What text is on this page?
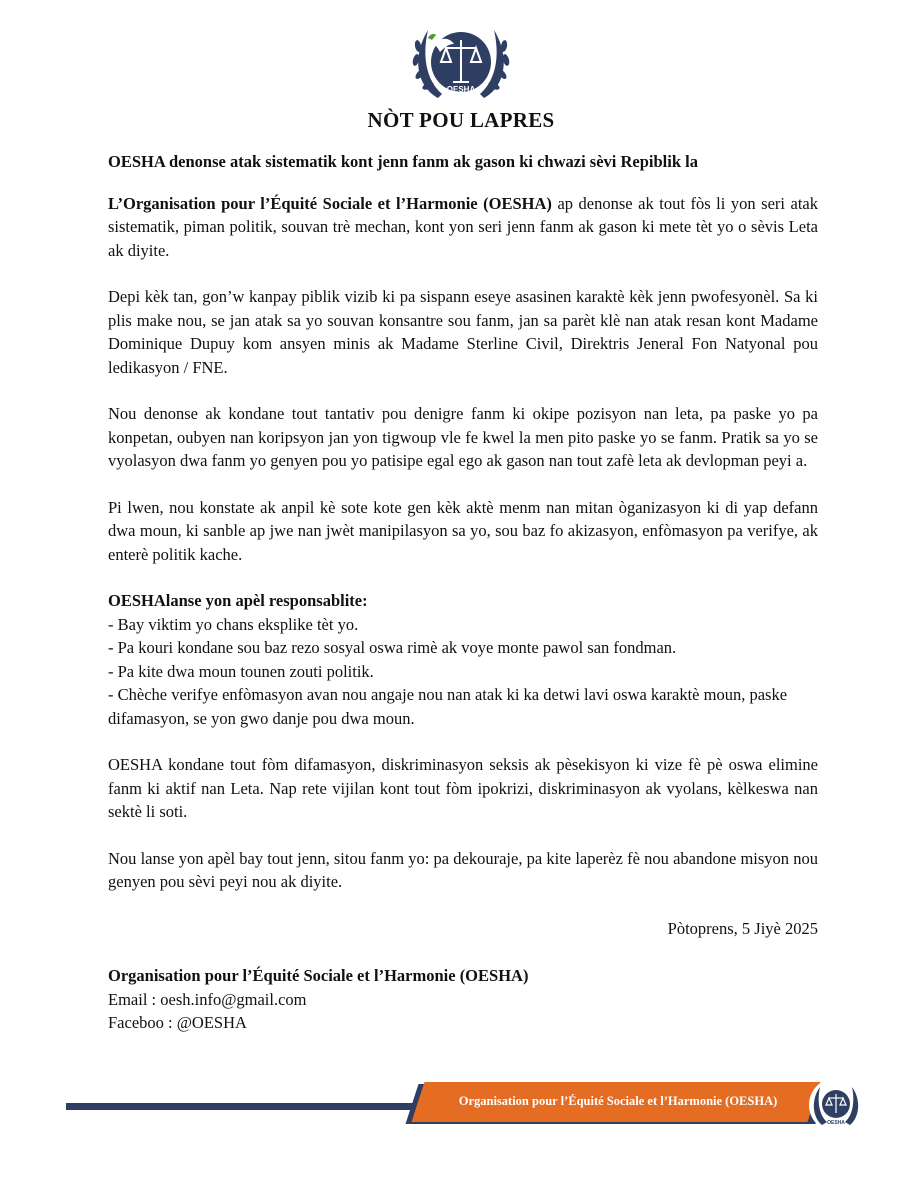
OESHA
NÒT POU LAPRES

OESHA denonse atak sistematik kont jenn fanm ak gason ki chwazi sèvi Repiblik la

L’Organisation pour l’Équité Sociale et l’Harmonie (OESHA) ap denonse ak tout fòs li yon seri atak sistematik, piman politik, souvan trè mechan, kont yon seri jenn fanm ak gason ki mete tèt yo o sèvis Leta ak diyite.

Depi kèk tan, gon’w kanpay piblik vizib ki pa sispann eseye asasinen karaktè kèk jenn pwofesyonèl. Sa ki plis make nou, se jan atak sa yo souvan konsantre sou fanm, jan sa parèt klè nan atak resan kont Madame Dominique Dupuy kom ansyen minis ak Madame Sterline Civil, Direktris Jeneral Fon Natyonal pou ledikasyon / FNE.

Nou denonse ak kondane tout tantativ pou denigre fanm ki okipe pozisyon nan leta, pa paske yo pa konpetan, oubyen nan koripsyon jan yon tigwoup vle fe kwel la men pito paske yo se fanm. Pratik sa yo se vyolasyon dwa fanm yo genyen pou yo patisipe egal ego ak gason nan tout zafè leta ak devlopman peyi a.

Pi lwen, nou konstate ak anpil kè sote kote gen kèk aktè menm nan mitan òganizasyon ki di yap defann dwa moun, ki sanble ap jwe nan jwèt manipilasyon sa yo, sou baz fo akizasyon, enfòmasyon pa verifye, ak enterè politik kache.

OESHAlanse yon apèl responsablite:
- Bay viktim yo chans eksplike tèt yo.
- Pa kouri kondane sou baz rezo sosyal oswa rimè ak voye monte pawol san fondman.
- Pa kite dwa moun tounen zouti politik.
- Chèche verifye enfòmasyon avan nou angaje nou nan atak ki ka detwi lavi oswa karaktè moun, paske difamasyon, se yon gwo danje pou dwa moun.

OESHA kondane tout fòm difamasyon, diskriminasyon seksis ak pèsekisyon ki vize fè pè oswa elimine fanm ki aktif nan Leta. Nap rete vijilan kont tout fòm ipokrizi, diskriminasyon ak vyolans, kèlkeswa nan sektè li soti.

Nou lanse yon apèl bay tout jenn, sitou fanm yo: pa dekouraje, pa kite laperèz fè nou abandone misyon nou genyen pou sèvi peyi nou ak diyite.

Pòtoprens, 5 Jiyè 2025
Organisation pour l’Équité Sociale et l’Harmonie (OESHA)
Email : oesh.info@gmail.com
Faceboo : @OESHA
Organisation pour l’Équité Sociale et l’Harmonie (OESHA)
OESHA
